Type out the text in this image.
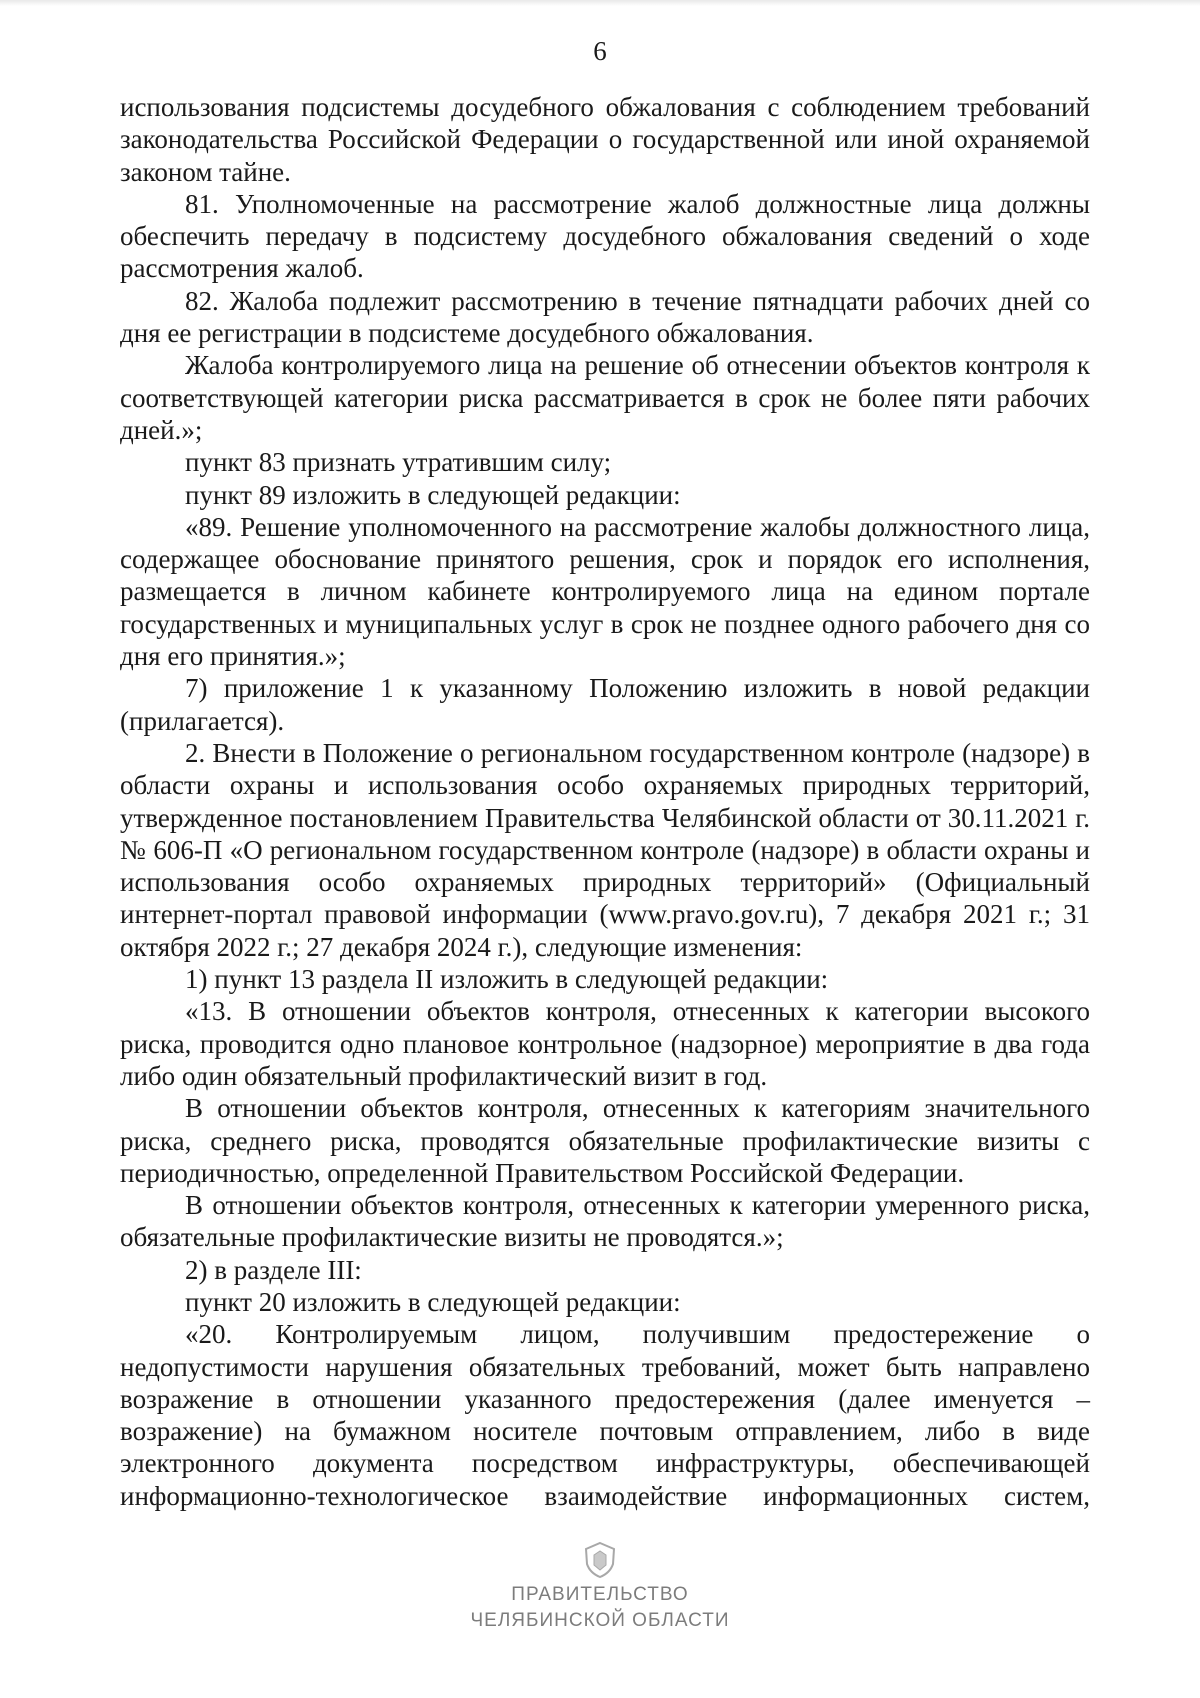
6

использования подсистемы досудебного обжалования с соблюдением требований законодательства Российской Федерации о государственной или иной охраняемой законом тайне.

81. Уполномоченные на рассмотрение жалоб должностные лица должны обеспечить передачу в подсистему досудебного обжалования сведений о ходе рассмотрения жалоб.

82. Жалоба подлежит рассмотрению в течение пятнадцати рабочих дней со дня ее регистрации в подсистеме досудебного обжалования.

Жалоба контролируемого лица на решение об отнесении объектов контроля к соответствующей категории риска рассматривается в срок не более пяти рабочих дней.»;

пункт 83 признать утратившим силу;

пункт 89 изложить в следующей редакции:

«89. Решение уполномоченного на рассмотрение жалобы должностного лица, содержащее обоснование принятого решения, срок и порядок его исполнения, размещается в личном кабинете контролируемого лица на едином портале государственных и муниципальных услуг в срок не позднее одного рабочего дня со дня его принятия.»;

7) приложение 1 к указанному Положению изложить в новой редакции (прилагается).

2. Внести в Положение о региональном государственном контроле (надзоре) в области охраны и использования особо охраняемых природных территорий, утвержденное постановлением Правительства Челябинской области от 30.11.2021 г. № 606-П «О региональном государственном контроле (надзоре) в области охраны и использования особо охраняемых природных территорий» (Официальный интернет-портал правовой информации (www.pravo.gov.ru), 7 декабря 2021 г.; 31 октября 2022 г.; 27 декабря 2024 г.), следующие изменения:

1) пункт 13 раздела II изложить в следующей редакции:

«13. В отношении объектов контроля, отнесенных к категории высокого риска, проводится одно плановое контрольное (надзорное) мероприятие в два года либо один обязательный профилактический визит в год.

В отношении объектов контроля, отнесенных к категориям значительного риска, среднего риска, проводятся обязательные профилактические визиты с периодичностью, определенной Правительством Российской Федерации.

В отношении объектов контроля, отнесенных к категории умеренного риска, обязательные профилактические визиты не проводятся.»;

2) в разделе III:

пункт 20 изложить в следующей редакции:

«20. Контролируемым лицом, получившим предостережение о недопустимости нарушения обязательных требований, может быть направлено возражение в отношении указанного предостережения (далее именуется – возражение) на бумажном носителе почтовым отправлением, либо в виде электронного документа посредством инфраструктуры, обеспечивающей информационно-технологическое взаимодействие информационных систем,

ПРАВИТЕЛЬСТВО
ЧЕЛЯБИНСКОЙ ОБЛАСТИ
